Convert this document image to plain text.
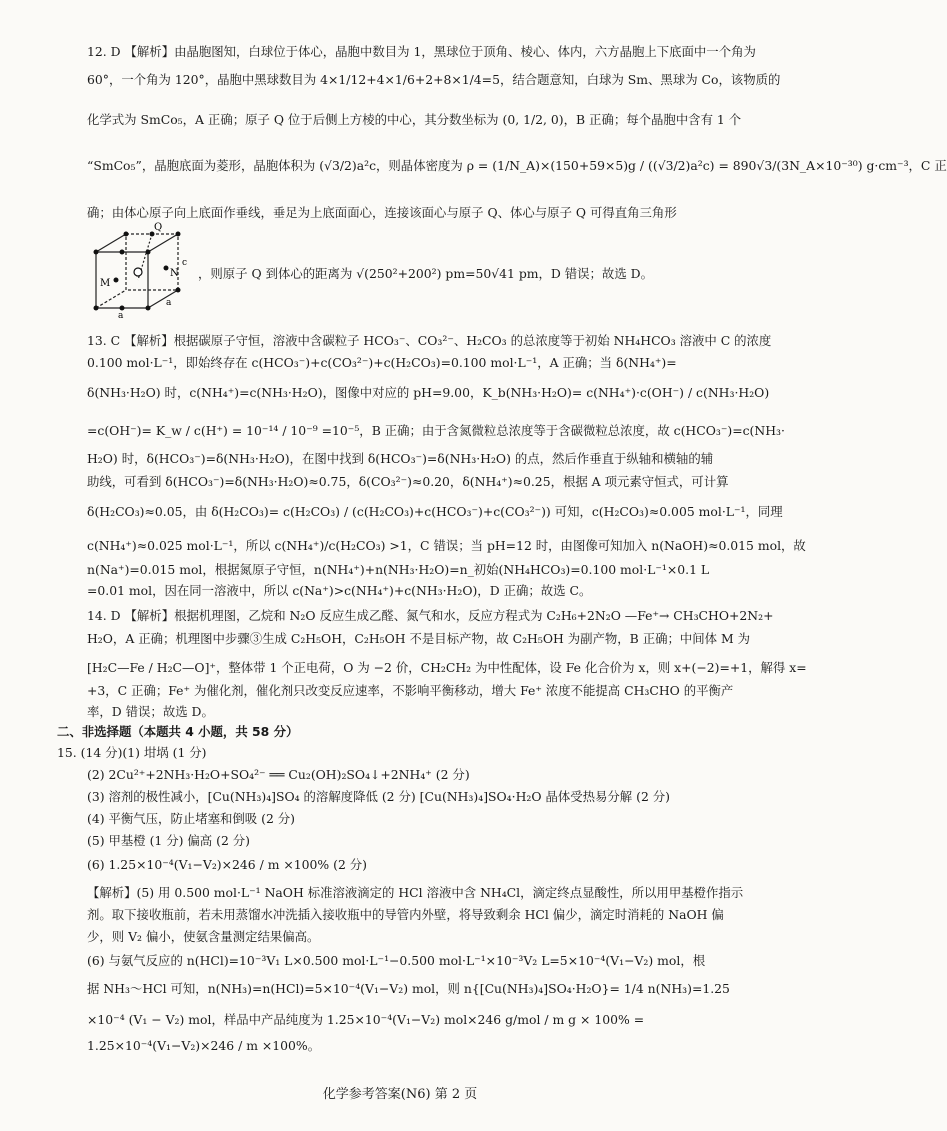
12. D 【解析】由晶胞图知，白球位于体心，晶胞中数目为 1，黑球位于顶角、棱心、体内，六方晶胞上下底面中一个角为
60°，一个角为 120°，晶胞中黑球数目为 4×1/12+4×1/6+2+8×1/4=5，结合题意知，白球为 Sm、黑球为 Co，该物质的
化学式为 SmCo₅，A 正确；原子 Q 位于后侧上方棱的中心，其分数坐标为 (0, 1/2, 0)，B 正确；每个晶胞中含有 1 个
“SmCo₅”，晶胞底面为菱形，晶胞体积为 (√3/2)a²c，则晶体密度为 ρ = (1/N_A)×(150+59×5)g / ((√3/2)a²c) = 890√3/(3N_A×10⁻³⁰) g·cm⁻³，C 正
确；由体心原子向上底面作垂线，垂足为上底面面心，连接该面心与原子 Q、体心与原子 Q 可得直角三角形
Q
N
M
c
a
a
，则原子 Q 到体心的距离为 √(250²+200²) pm=50√41 pm，D 错误；故选 D。
13. C 【解析】根据碳原子守恒，溶液中含碳粒子 HCO₃⁻、CO₃²⁻、H₂CO₃ 的总浓度等于初始 NH₄HCO₃ 溶液中 C 的浓度
0.100 mol·L⁻¹，即始终存在 c(HCO₃⁻)+c(CO₃²⁻)+c(H₂CO₃)=0.100 mol·L⁻¹，A 正确；当 δ(NH₄⁺)=
δ(NH₃·H₂O) 时，c(NH₄⁺)=c(NH₃·H₂O)，图像中对应的 pH=9.00，K_b(NH₃·H₂O)= c(NH₄⁺)·c(OH⁻) / c(NH₃·H₂O)
=c(OH⁻)= K_w / c(H⁺) = 10⁻¹⁴ / 10⁻⁹ =10⁻⁵，B 正确；由于含氮微粒总浓度等于含碳微粒总浓度，故 c(HCO₃⁻)=c(NH₃·
H₂O) 时，δ(HCO₃⁻)=δ(NH₃·H₂O)，在图中找到 δ(HCO₃⁻)=δ(NH₃·H₂O) 的点，然后作垂直于纵轴和横轴的辅
助线，可看到 δ(HCO₃⁻)=δ(NH₃·H₂O)≈0.75，δ(CO₃²⁻)≈0.20，δ(NH₄⁺)≈0.25，根据 A 项元素守恒式，可计算
δ(H₂CO₃)≈0.05，由 δ(H₂CO₃)= c(H₂CO₃) / (c(H₂CO₃)+c(HCO₃⁻)+c(CO₃²⁻)) 可知，c(H₂CO₃)≈0.005 mol·L⁻¹，同理
c(NH₄⁺)≈0.025 mol·L⁻¹，所以 c(NH₄⁺)/c(H₂CO₃) >1，C 错误；当 pH=12 时，由图像可知加入 n(NaOH)≈0.015 mol，故
n(Na⁺)=0.015 mol，根据氮原子守恒，n(NH₄⁺)+n(NH₃·H₂O)=n_初始(NH₄HCO₃)=0.100 mol·L⁻¹×0.1 L
=0.01 mol，因在同一溶液中，所以 c(Na⁺)>c(NH₄⁺)+c(NH₃·H₂O)，D 正确；故选 C。
14. D 【解析】根据机理图，乙烷和 N₂O 反应生成乙醛、氮气和水，反应方程式为 C₂H₆+2N₂O —Fe⁺→ CH₃CHO+2N₂+
H₂O，A 正确；机理图中步骤③生成 C₂H₅OH，C₂H₅OH 不是目标产物，故 C₂H₅OH 为副产物，B 正确；中间体 M 为
[H₂C—Fe / H₂C—O]⁺，整体带 1 个正电荷，O 为 −2 价，CH₂CH₂ 为中性配体，设 Fe 化合价为 x，则 x+(−2)=+1，解得 x=
+3，C 正确；Fe⁺ 为催化剂，催化剂只改变反应速率，不影响平衡移动，增大 Fe⁺ 浓度不能提高 CH₃CHO 的平衡产
率，D 错误；故选 D。
二、非选择题（本题共 4 小题，共 58 分）
15. (14 分)(1) 坩埚 (1 分)
(2) 2Cu²⁺+2NH₃·H₂O+SO₄²⁻ ══ Cu₂(OH)₂SO₄↓+2NH₄⁺ (2 分)
(3) 溶剂的极性减小，[Cu(NH₃)₄]SO₄ 的溶解度降低 (2 分) [Cu(NH₃)₄]SO₄·H₂O 晶体受热易分解 (2 分)
(4) 平衡气压，防止堵塞和倒吸 (2 分)
(5) 甲基橙 (1 分) 偏高 (2 分)
(6) 1.25×10⁻⁴(V₁−V₂)×246 / m ×100% (2 分)
【解析】(5) 用 0.500 mol·L⁻¹ NaOH 标准溶液滴定的 HCl 溶液中含 NH₄Cl，滴定终点显酸性，所以用甲基橙作指示
剂。取下接收瓶前，若未用蒸馏水冲洗插入接收瓶中的导管内外壁，将导致剩余 HCl 偏少，滴定时消耗的 NaOH 偏
少，则 V₂ 偏小，使氨含量测定结果偏高。
(6) 与氨气反应的 n(HCl)=10⁻³V₁ L×0.500 mol·L⁻¹−0.500 mol·L⁻¹×10⁻³V₂ L=5×10⁻⁴(V₁−V₂) mol，根
据 NH₃～HCl 可知，n(NH₃)=n(HCl)=5×10⁻⁴(V₁−V₂) mol，则 n{[Cu(NH₃)₄]SO₄·H₂O}= 1/4 n(NH₃)=1.25
×10⁻⁴ (V₁ − V₂) mol，样品中产品纯度为 1.25×10⁻⁴(V₁−V₂) mol×246 g/mol / m g × 100% =
1.25×10⁻⁴(V₁−V₂)×246 / m ×100%。
化学参考答案(N6) 第 2 页
